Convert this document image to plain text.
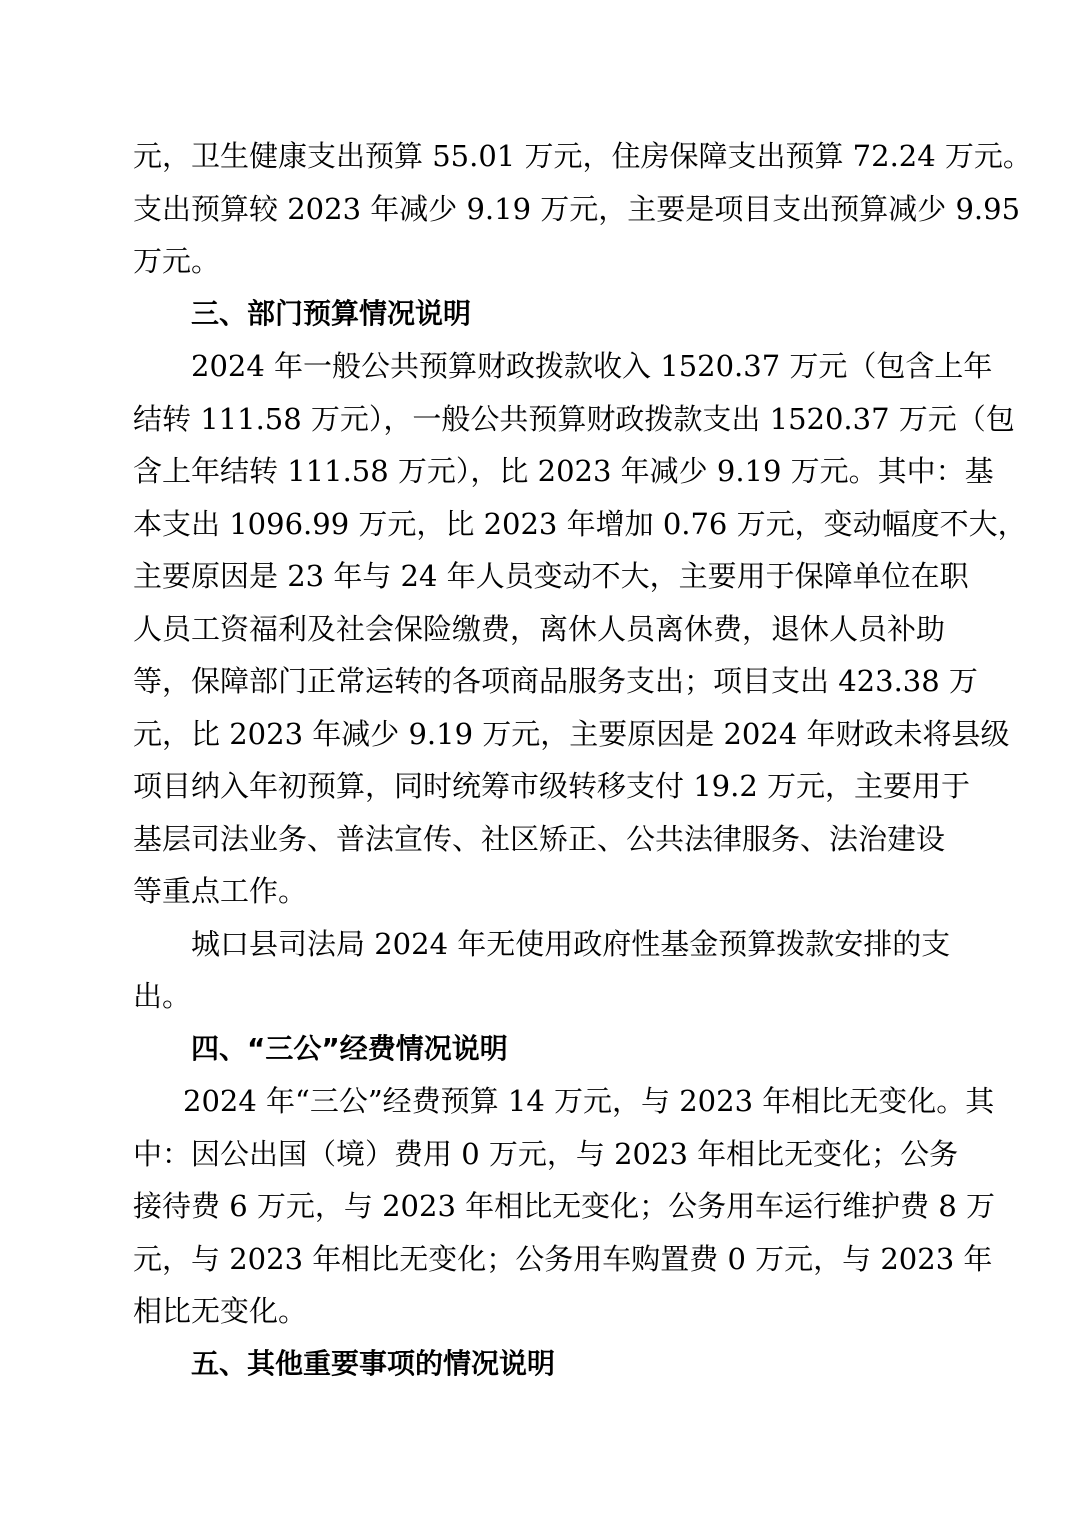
元，卫生健康支出预算 55.01 万元，住房保障支出预算 72.24 万元。
支出预算较 2023 年减少 9.19 万元，主要是项目支出预算减少 9.95
万元。
三、部门预算情况说明
2024 年一般公共预算财政拨款收入 1520.37 万元（包含上年
结转 111.58 万元），一般公共预算财政拨款支出 1520.37 万元（包
含上年结转 111.58 万元），比 2023 年减少 9.19 万元。其中：基
本支出 1096.99 万元，比 2023 年增加 0.76 万元，变动幅度不大，
主要原因是 23 年与 24 年人员变动不大，主要用于保障单位在职
人员工资福利及社会保险缴费，离休人员离休费，退休人员补助
等，保障部门正常运转的各项商品服务支出；项目支出 423.38 万
元，比 2023 年减少 9.19 万元，主要原因是 2024 年财政未将县级
项目纳入年初预算，同时统筹市级转移支付 19.2 万元，主要用于
基层司法业务、普法宣传、社区矫正、公共法律服务、法治建设
等重点工作。
城口县司法局 2024 年无使用政府性基金预算拨款安排的支
出。
四、“三公”经费情况说明
2024 年“三公”经费预算 14 万元，与 2023 年相比无变化。其
中：因公出国（境）费用 0 万元，与 2023 年相比无变化；公务
接待费 6 万元，与 2023 年相比无变化；公务用车运行维护费 8 万
元，与 2023 年相比无变化；公务用车购置费 0 万元，与 2023 年
相比无变化。
五、其他重要事项的情况说明
